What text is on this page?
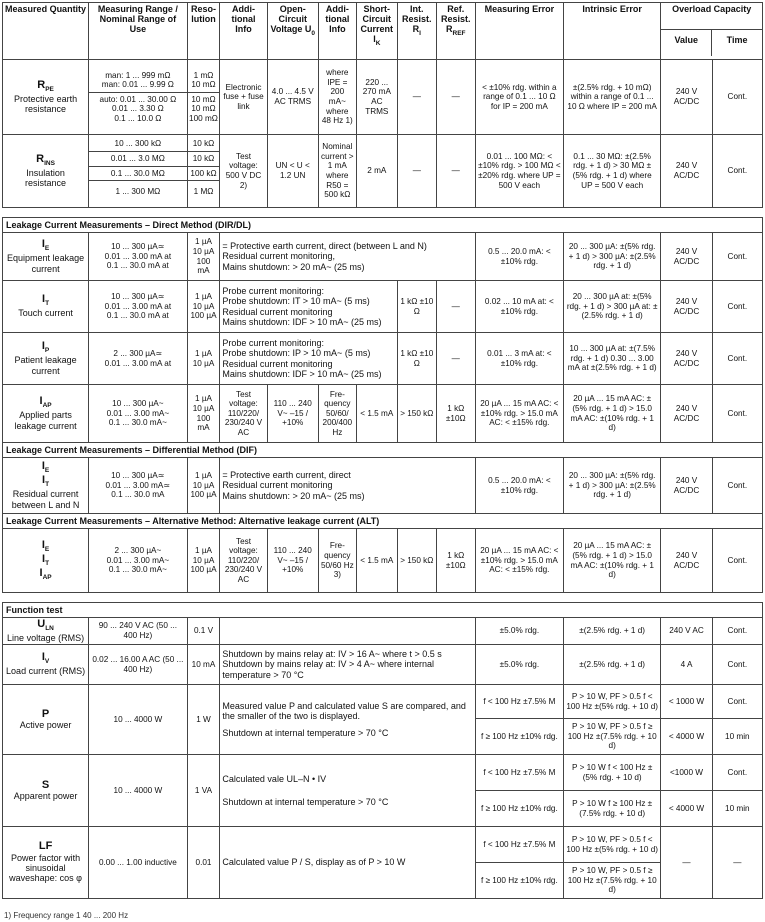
Measured Quantity	Measuring Range / Nominal Range of Use	Reso-lution	Addi-tional Info	Open-Circuit Voltage $U_0$	Addi-tional Info	Short-Circuit Current $I_K$	Int. Resist. $R_I$	Ref. Resist. $R_{REF}$	Measuring Error	Intrinsic Error	Overload Capacity
Value Time	

$R_{PE}$
Protective earth resistance	man: 1 ... 999 mΩ
man: 0.01 ... 9.99 Ω
auto: 0.01 ... 30.00 Ω
0.01 ... 3.30 Ω
0.1 ... 10.0 Ω	1 mΩ
10 mΩ
10 mΩ
10 mΩ
100 mΩ	Electronic fuse + fuse link	4.0 ... 4.5 V AC TRMS	where IPE = 200 mA~ where 48 Hz 1)	220 ... 270 mA AC TRMS	—	—	< ±10% rdg. within a range of 0.1 ... 10 Ω for IP = 200 mA	±(2.5% rdg. + 10 mΩ) within a range of 0.1 ... 10 Ω where IP = 200 mA	240 V AC/DC	Cont.

$R_{INS}$
Insulation resistance	10 ... 300 kΩ
0.01 ... 3.0 MΩ
0.1 ... 30.0 MΩ
1 ... 300 MΩ	10 kΩ
10 kΩ
100 kΩ
1 MΩ	Test voltage: 500 V DC 2)	UN < U < 1.2 UN	Nominal current > 1 mA where R50 = 500 kΩ	2 mA	—	—	0.01 ... 100 MΩ: < ±10% rdg. > 100 MΩ < ±20% rdg. where UP = 500 V each	0.1 ... 30 MΩ: ±(2.5% rdg. + 1 d) > 30 MΩ ±(5% rdg. + 1 d) where UP = 500 V each	240 V AC/DC	Cont.

Leakage Current Measurements – Direct Method (DIR/DL)												

$I_E$
Equipment leakage current	10 ... 300 µA≃
0.01 ... 3.00 mA at
0.1 ... 30.0 mA at	1 µA
10 µA
100 mA	= Protective earth current, direct (between L and N)
Residual current monitoring,
Mains shutdown: > 20 mA~ (25 ms)						0.5 ... 20.0 mA: < ±10% rdg.	20 ... 300 µA: ±(5% rdg. + 1 d) > 300 µA: ±(2.5% rdg. + 1 d)	240 V AC/DC	Cont.

$I_T$
Touch current	10 ... 300 µA≃
0.01 ... 3.00 mA at
0.1 ... 30.0 mA at	1 µA
10 µA
100 µA	Probe current monitoring:
Probe shutdown: IT > 10 mA~ (5 ms)
Residual current monitoring
Mains shutdown: IDF > 10 mA~ (25 ms)				1 kΩ ±10 Ω	—	0.02 ... 10 mA at: < ±10% rdg.	20 ... 300 µA at: ±(5% rdg. + 1 d) > 300 µA at: ±(2.5% rdg. + 1 d)	240 V AC/DC	Cont.

$I_P$
Patient leakage current	2 ... 300 µA≃
0.01 ... 3.00 mA at	1 µA
10 µA	Probe current monitoring:
Probe shutdown: IP > 10 mA~ (5 ms)
Residual current monitoring
Mains shutdown: IDF > 10 mA~ (25 ms)				1 kΩ ±10 Ω	—	0.01 ... 3 mA at: < ±10% rdg.	10 ... 300 µA at: ±(7.5% rdg. + 1 d) 0.30 ... 3.00 mA at ±(2.5% rdg. + 1 d)	240 V AC/DC	Cont.

$I_{AP}$
Applied parts leakage current	10 ... 300 µA~
0.01 ... 3.00 mA~
0.1 ... 30.0 mA~	1 µA
10 µA
100 mA	Test voltage: 110/220/ 230/240 V AC	110 ... 240 V~ –15 / +10%	Fre-quency 50/60/ 200/400 Hz	< 1.5 mA	> 150 kΩ	1 kΩ ±10Ω	20 µA ... 15 mA AC: < ±10% rdg. > 15.0 mA AC: < ±15% rdg.	20 µA ... 15 mA AC: ±(5% rdg. + 1 d) > 15.0 mA AC: ±(10% rdg. + 1 d)	240 V AC/DC	Cont.
Leakage Current Measurements – Differential Method (DIF)												

$I_E$
$I_T$
Residual current between L and N	10 ... 300 µA≃
0.01 ... 3.00 mA≃
0.1 ... 30.0 mA	1 µA
10 µA
100 µA	= Protective earth current, direct
Residual current monitoring
Mains shutdown: > 20 mA~ (25 ms)						0.5 ... 20.0 mA: < ±10% rdg.	20 ... 300 µA: ±(5% rdg. + 1 d) > 300 µA: ±(2.5% rdg. + 1 d)	240 V AC/DC	Cont.
Leakage Current Measurements – Alternative Method: Alternative leakage current (ALT)												

$I_E$
$I_T$
$I_{AP}$	2 ... 300 µA~
0.01 ... 3.00 mA~
0.1 ... 30.0 mA~	1 µA
10 µA
100 µA	Test voltage: 110/220/ 230/240 V AC	110 ... 240 V~ –15 / +10%	Fre-quency 50/60 Hz 3)	< 1.5 mA	> 150 kΩ	1 kΩ ±10Ω	20 µA ... 15 mA AC: < ±10% rdg. > 15.0 mA AC: < ±15% rdg.	20 µA ... 15 mA AC: ±(5% rdg. + 1 d) > 15.0 mA AC: ±(10% rdg. + 1 d)	240 V AC/DC	Cont.

Function test												

$U_{LN}$
Line voltage (RMS)	90 ... 240 V AC (50 ... 400 Hz)	0.1 V							±5.0% rdg.	±(2.5% rdg. + 1 d)	240 V AC	Cont.

$I_V$
Load current (RMS)	0.02 ... 16.00 A AC (50 ... 400 Hz)	10 mA	Shutdown by mains relay at: IV > 16 A~ where t > 0.5 s
Shutdown by mains relay at: IV > 4 A~ where internal temperature > 70 °C						±5.0% rdg.	±(2.5% rdg. + 1 d)	4 A	Cont.

P
Active power	10 ... 4000 W	1 W	Measured value P and calculated value S are compared, and the smaller of the two is displayed.
Shutdown at internal temperature > 70 °C						f < 100 Hz ±7.5% M	P > 10 W, PF > 0.5 f < 100 Hz ±(5% rdg. + 10 d)	< 1000 W	Cont.
									f ≥ 100 Hz ±10% rdg.	P > 10 W, PF > 0.5 f ≥ 100 Hz ±(7.5% rdg. + 10 d)	< 4000 W	10 min

S
Apparent power	10 ... 4000 W	1 VA	Calculated vale UL–N • IV
Shutdown at internal temperature > 70 °C						f < 100 Hz ±7.5% M	P > 10 W f < 100 Hz ±(5% rdg. + 10 d)	<1000 W	Cont.
									f ≥ 100 Hz ±10% rdg.	P > 10 W f ≥ 100 Hz ±(7.5% rdg. + 10 d)	< 4000 W	10 min

LF
Power factor with sinusoidal waveshape: cos φ	0.00 ... 1.00 inductive	0.01	Calculated value P / S, display as of P > 10 W						f < 100 Hz ±7.5% M	P > 10 W, PF > 0.5 f < 100 Hz ±(5% rdg. + 10 d)	—	—
									f ≥ 100 Hz ±10% rdg.	P > 10 W, PF > 0.5 f ≥ 100 Hz ±(7.5% rdg. + 10 d)		
1) Frequency range 1 40 ... 200 Hz
